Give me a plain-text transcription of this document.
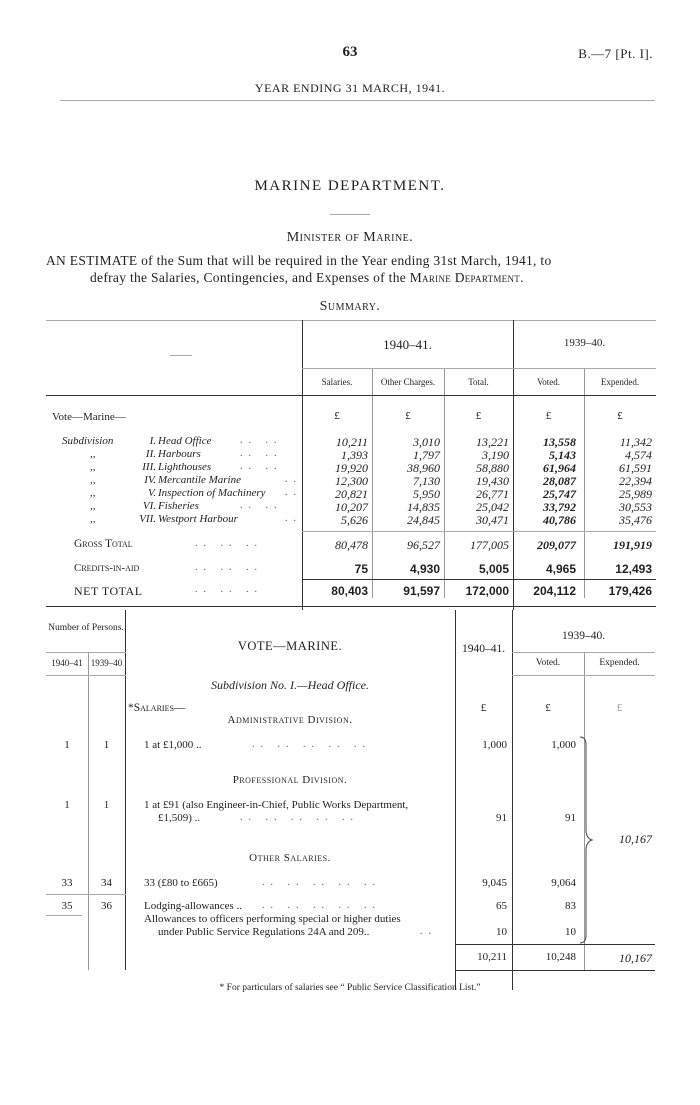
63	B.—7 [Pt. I].
YEAR ENDING 31 MARCH, 1941.
MARINE DEPARTMENT.
Minister of Marine.
AN ESTIMATE of the Sum that will be required in the Year ending 31st March, 1941, to
defray the Salaries, Contingencies, and Expenses of the Marine Department.
Summary.
1940–41.	1939–40.
Salaries.	Other Charges.	Total.	Voted.	Expended.
Vote—Marine—	£	£	£	£	£
Subdivision	I. Head Office	.. ..	10,211	3,010	13,221	13,558	11,342
,,	II. Harbours	.. ..	1,393	1,797	3,190	5,143	4,574
,,	III. Lighthouses	.. ..	19,920	38,960	58,880	61,964	61,591
,,	IV. Mercantile Marine	..	12,300	7,130	19,430	28,087	22,394
,,	V. Inspection of Machinery ..	20,821	5,950	26,771	25,747	25,989
,,	VI. Fisheries	.. ..	10,207	14,835	25,042	33,792	30,553
,,	VII. Westport Harbour	..	5,626	24,845	30,471	40,786	35,476
Gross Total	.. .. ..	80,478	96,527	177,005	209,077	191,919
Credits-in-aid	.. .. ..	75	4,930	5,005	4,965	12,493
NET TOTAL	.. .. ..	80,403	91,597	172,000	204,112	179,426
Number of Persons.
1940–41 1939–40
VOTE—MARINE.	1940–41.
1939–40.
Voted.	Expended.
Subdivision No. I.—Head Office.
*Salaries—	£	£	£
Administrative Division.
1	1	1 at £1,000 ..	.. .. .. .. ..	1,000	1,000
Professional Division.
1	1	1 at £91 (also Engineer-in-Chief, Public Works Department,
£1,509) ..	.. .. .. .. ..	91	91
Other Salaries.
33	34	33 (£80 to £665)	.. .. .. .. ..	9,045	9,064
35	36	Lodging-allowances .. .. .. .. .. ..	65	83
Allowances to officers performing special or higher duties
under Public Service Regulations 24A and 209..	..	10	10
10,167
10,211	10,248	10,167
* For particulars of salaries see “ Public Service Classification List.”
